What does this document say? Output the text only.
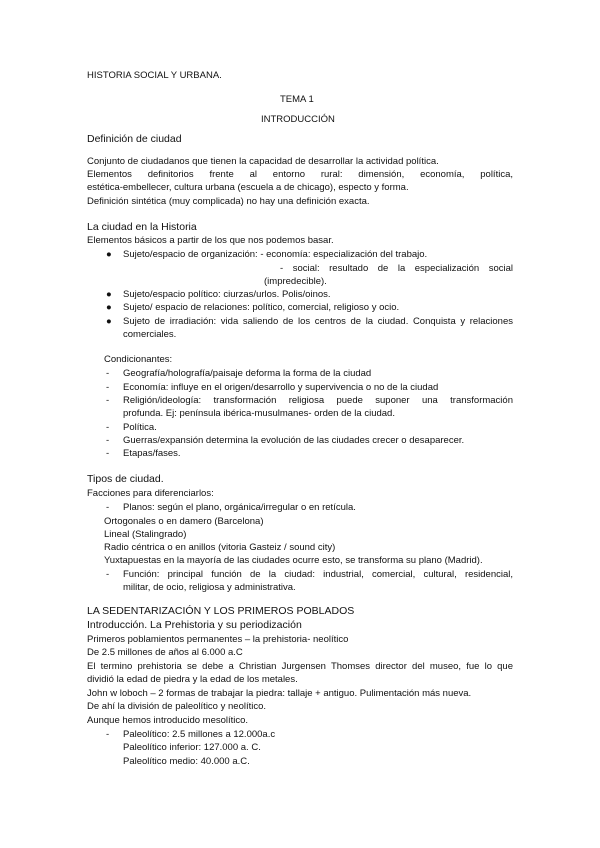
HISTORIA SOCIAL Y URBANA.
TEMA 1
INTRODUCCIÓN
Definición de ciudad
Conjunto de ciudadanos que tienen la capacidad de desarrollar la actividad política.
Elementos definitorios frente al entorno rural: dimensión, economía, política,
estética-embellecer, cultura urbana (escuela a de chicago), especto y forma.
Definición sintética (muy complicada) no hay una definición exacta.
La ciudad en la Historia
Elementos básicos a partir de los que nos podemos basar.
● Sujeto/espacio de organización: - economía: especialización del trabajo.
- social: resultado de la especialización social
(impredecible).
● Sujeto/espacio político: ciurzas/urlos. Polis/oinos.
● Sujeto/ espacio de relaciones: político, comercial, religioso y ocio.
● Sujeto de irradiación: vida saliendo de los centros de la ciudad. Conquista y relaciones
comerciales.
Condicionantes:
- Geografía/holografía/paisaje deforma la forma de la ciudad
- Economía: influye en el origen/desarrollo y supervivencia o no de la ciudad
- Religión/ideología: transformación religiosa puede suponer una transformación
profunda. Ej: península ibérica-musulmanes- orden de la ciudad.
- Política.
- Guerras/expansión determina la evolución de las ciudades crecer o desaparecer.
- Etapas/fases.
Tipos de ciudad.
Facciones para diferenciarlos:
- Planos: según el plano, orgánica/irregular o en retícula.
Ortogonales o en damero (Barcelona)
Lineal (Stalingrado)
Radio céntrica o en anillos (vitoria Gasteiz / sound city)
Yuxtapuestas en la mayoría de las ciudades ocurre esto, se transforma su plano (Madrid).
- Función: principal función de la ciudad: industrial, comercial, cultural, residencial,
militar, de ocio, religiosa y administrativa.
LA SEDENTARIZACIÓN Y LOS PRIMEROS POBLADOS
Introducción. La Prehistoria y su periodización
Primeros poblamientos permanentes – la prehistoria- neolítico
De 2.5 millones de años al 6.000 a.C
El termino prehistoria se debe a Christian Jurgensen Thomses director del museo, fue lo que
dividió la edad de piedra y la edad de los metales.
John w loboch – 2 formas de trabajar la piedra: tallaje + antiguo. Pulimentación más nueva.
De ahí la división de paleolítico y neolítico.
Aunque hemos introducido mesolítico.
- Paleolítico: 2.5 millones a 12.000a.c
Paleolítico inferior: 127.000 a. C.
Paleolítico medio: 40.000 a.C.
